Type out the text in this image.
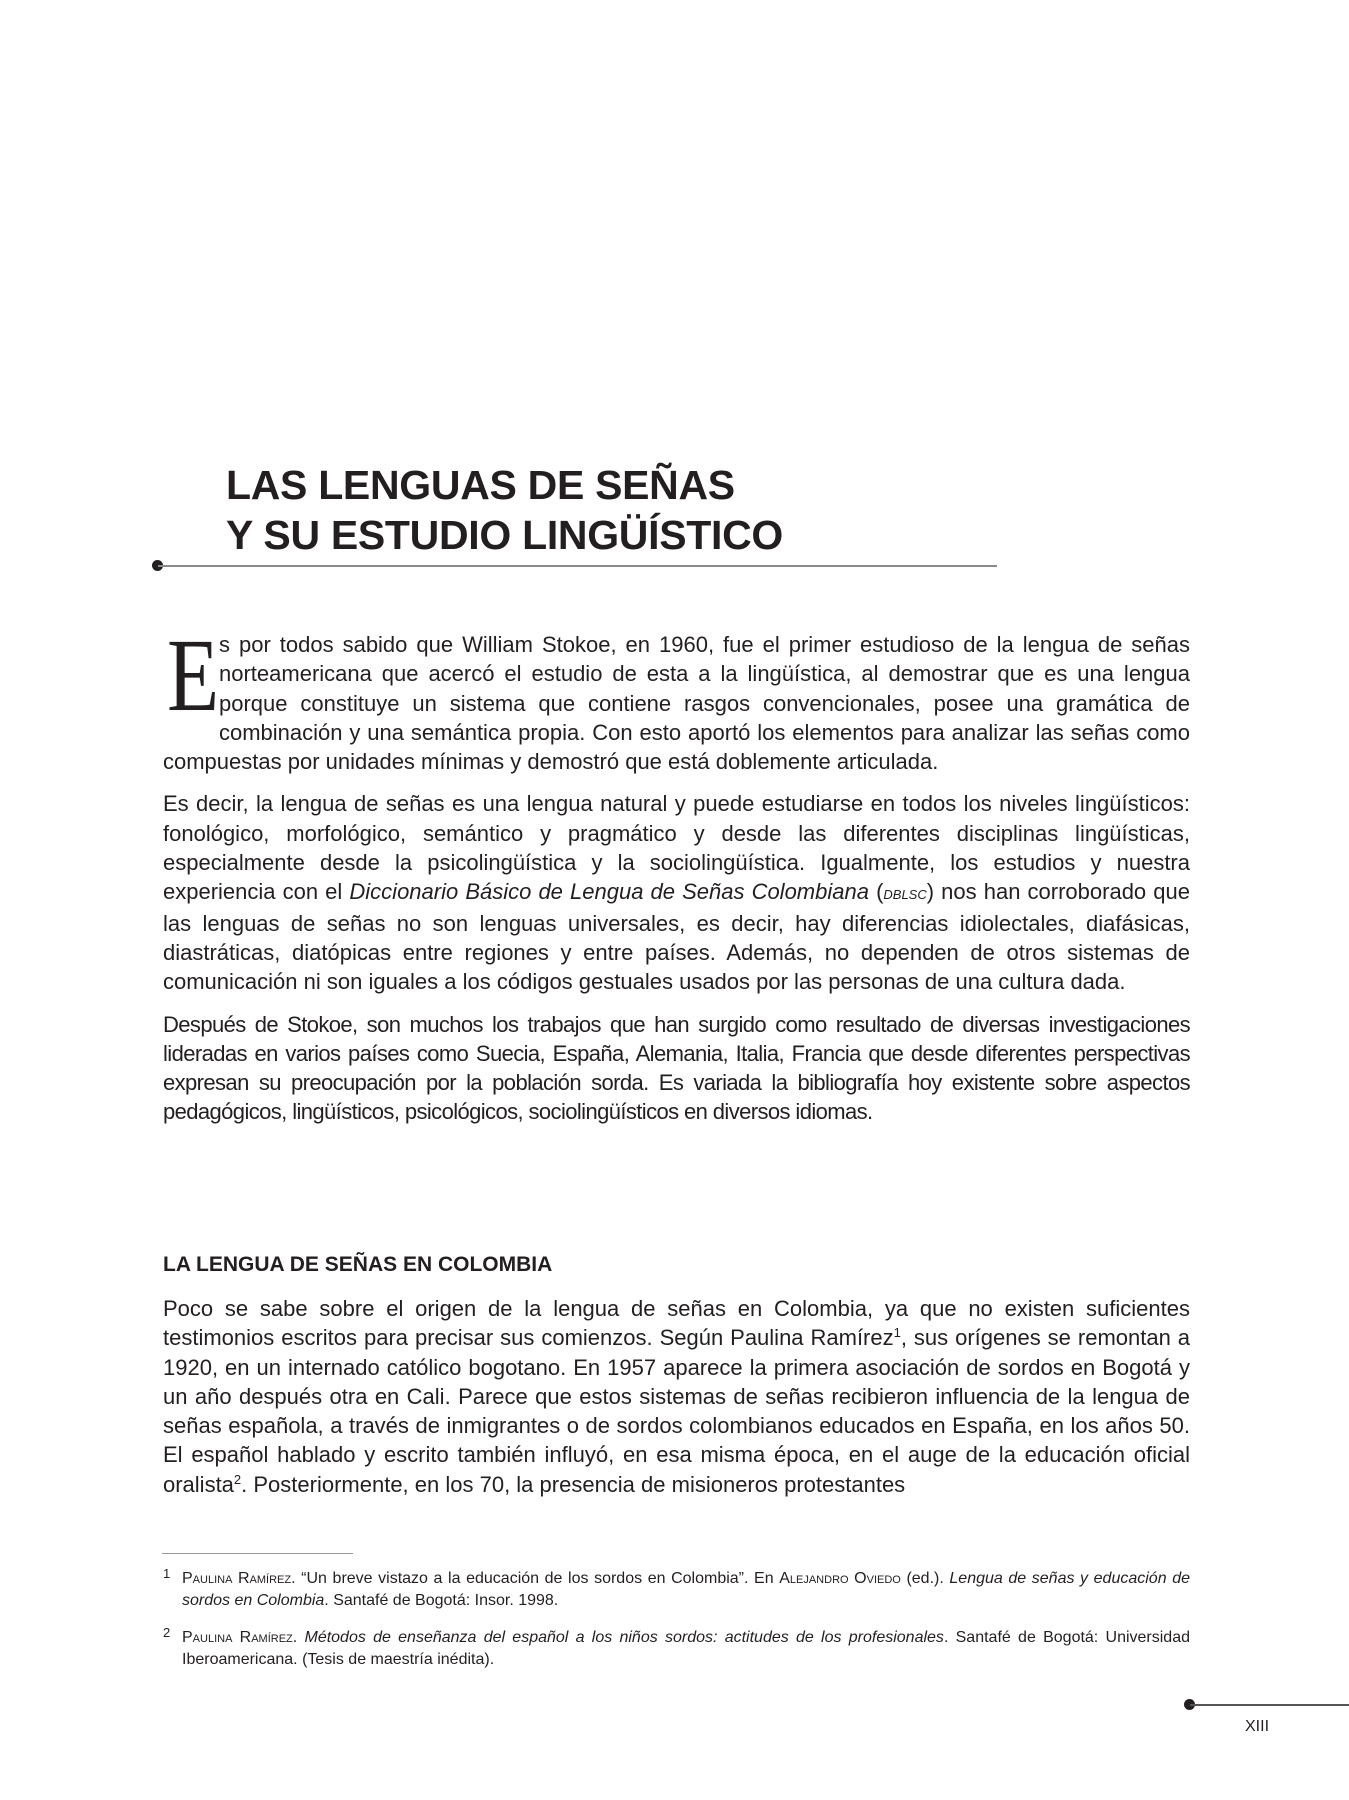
LAS LENGUAS DE SEÑAS
Y SU ESTUDIO LINGÜÍSTICO

Es por todos sabido que William Stokoe, en 1960, fue el primer estudioso de la lengua de señas norteamericana que acercó el estudio de esta a la lingüística, al demostrar que es una lengua porque constituye un sistema que contiene rasgos convencionales, posee una gramática de combinación y una semántica propia. Con esto aportó los elementos para analizar las señas como compuestas por unidades mínimas y demostró que está doblemente articulada.

Es decir, la lengua de señas es una lengua natural y puede estudiarse en todos los niveles lingüísticos: fonológico, morfológico, semántico y pragmático y desde las diferentes disciplinas lingüísticas, especialmente desde la psicolingüística y la sociolingüística. Igualmente, los estudios y nuestra experiencia con el Diccionario Básico de Lengua de Señas Colombiana (dblsc) nos han corroborado que las lenguas de señas no son lenguas universales, es decir, hay diferencias idiolectales, diafásicas, diastráticas, diatópicas entre regiones y entre países. Además, no dependen de otros sistemas de comunicación ni son iguales a los códigos gestuales usados por las personas de una cultura dada.

Después de Stokoe, son muchos los trabajos que han surgido como resultado de diversas investigaciones lideradas en varios países como Suecia, España, Alemania, Italia, Francia que desde diferentes perspectivas expresan su preocupación por la población sorda. Es variada la bibliografía hoy existente sobre aspectos pedagógicos, lingüísticos, psicológicos, sociolingüísticos en diversos idiomas.

LA LENGUA DE SEÑAS EN COLOMBIA

Poco se sabe sobre el origen de la lengua de señas en Colombia, ya que no existen suficientes testimonios escritos para precisar sus comienzos. Según Paulina Ramírez$^1$, sus orígenes se remontan a 1920, en un internado católico bogotano. En 1957 aparece la primera asociación de sordos en Bogotá y un año después otra en Cali. Parece que estos sistemas de señas recibieron influencia de la lengua de señas española, a través de inmigrantes o de sordos colombianos educados en España, en los años 50. El español hablado y escrito también influyó, en esa misma época, en el auge de la educación oficial oralista$^2$. Posteriormente, en los 70, la presencia de misioneros protestantes

1 Paulina Ramírez. “Un breve vistazo a la educación de los sordos en Colombia”. En Alejandro Oviedo (ed.). Lengua de señas y educación de sordos en Colombia. Santafé de Bogotá: Insor. 1998.
2 Paulina Ramírez. Métodos de enseñanza del español a los niños sordos: actitudes de los profesionales. Santafé de Bogotá: Universidad Iberoamericana. (Tesis de maestría inédita).
XIII
